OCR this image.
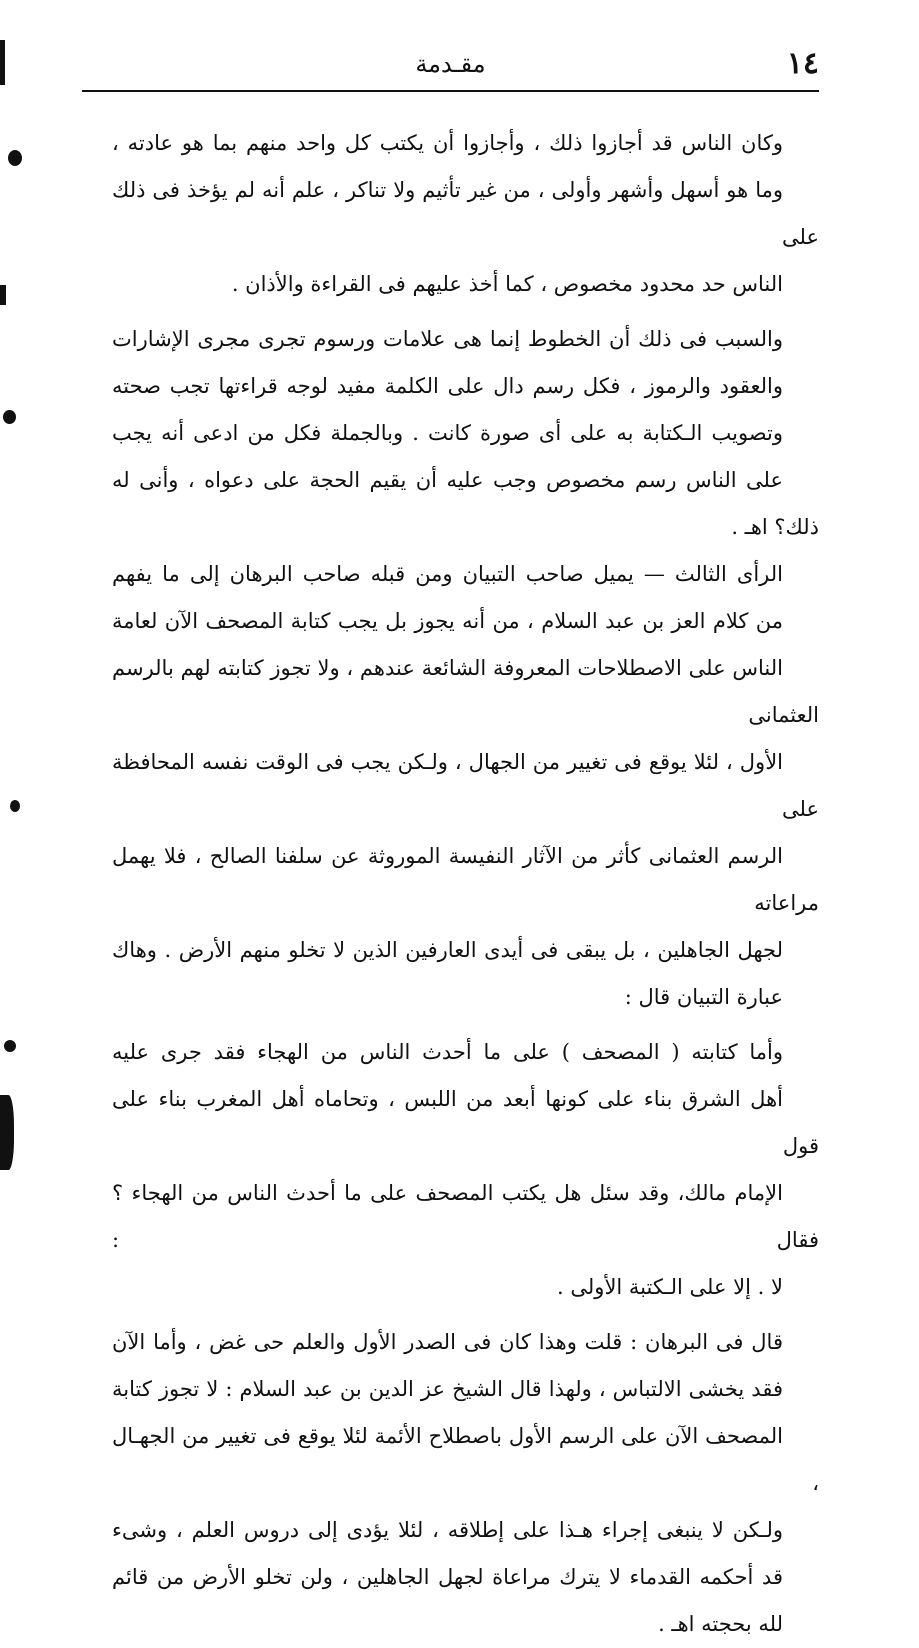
١٤
مقـدمة

وكان الناس قد أجازوا ذلك ، وأجازوا أن يكتب كل واحد منهم بما هو عادته ،
وما هو أسهل وأشهر وأولى ، من غير تأثيم ولا تناكر ، علم أنه لم يؤخذ فى ذلك على
الناس حد محدود مخصوص ، كما أخذ عليهم فى القراءة والأذان .

والسبب فى ذلك أن الخطوط إنما هى علامات ورسوم تجرى مجرى الإشارات
والعقود والرموز ، فكل رسم دال على الكلمة مفيد لوجه قراءتها تجب صحته
وتصويب الـكتابة به على أى صورة كانت . وبالجملة فكل من ادعى أنه يجب
على الناس رسم مخصوص وجب عليه أن يقيم الحجة على دعواه ، وأنى له ذلك؟ اهـ .

الرأى الثالث — يميل صاحب التبيان ومن قبله صاحب البرهان إلى ما يفهم
من كلام العز بن عبد السلام ، من أنه يجوز بل يجب كتابة المصحف الآن لعامة
الناس على الاصطلاحات المعروفة الشائعة عندهم ، ولا تجوز كتابته لهم بالرسم العثمانى
الأول ، لئلا يوقع فى تغيير من الجهال ، ولـكن يجب فى الوقت نفسه المحافظة على
الرسم العثمانى كأثر من الآثار النفيسة الموروثة عن سلفنا الصالح ، فلا يهمل مراعاته
لجهل الجاهلين ، بل يبقى فى أيدى العارفين الذين لا تخلو منهم الأرض . وهاك
عبارة التبيان قال :

وأما كتابته ( المصحف ) على ما أحدث الناس من الهجاء فقد جرى عليه
أهل الشرق بناء على كونها أبعد من اللبس ، وتحاماه أهل المغرب بناء على قول
الإمام مالك، وقد سئل هل يكتب المصحف على ما أحدث الناس من الهجاء ؟ فقال :
لا . إلا على الـكتبة الأولى .

قال فى البرهان : قلت وهذا كان فى الصدر الأول والعلم حى غض ، وأما الآن
فقد يخشى الالتباس ، ولهذا قال الشيخ عز الدين بن عبد السلام : لا تجوز كتابة
المصحف الآن على الرسم الأول باصطلاح الأئمة لئلا يوقع فى تغيير من الجهـال ،
ولـكن لا ينبغى إجراء هـذا على إطلاقه ، لئلا يؤدى إلى دروس العلم ، وشىء
قد أحكمه القدماء لا يترك مراعاة لجهل الجاهلين ، ولن تخلو الأرض من قائم
لله بحجته اهـ .
